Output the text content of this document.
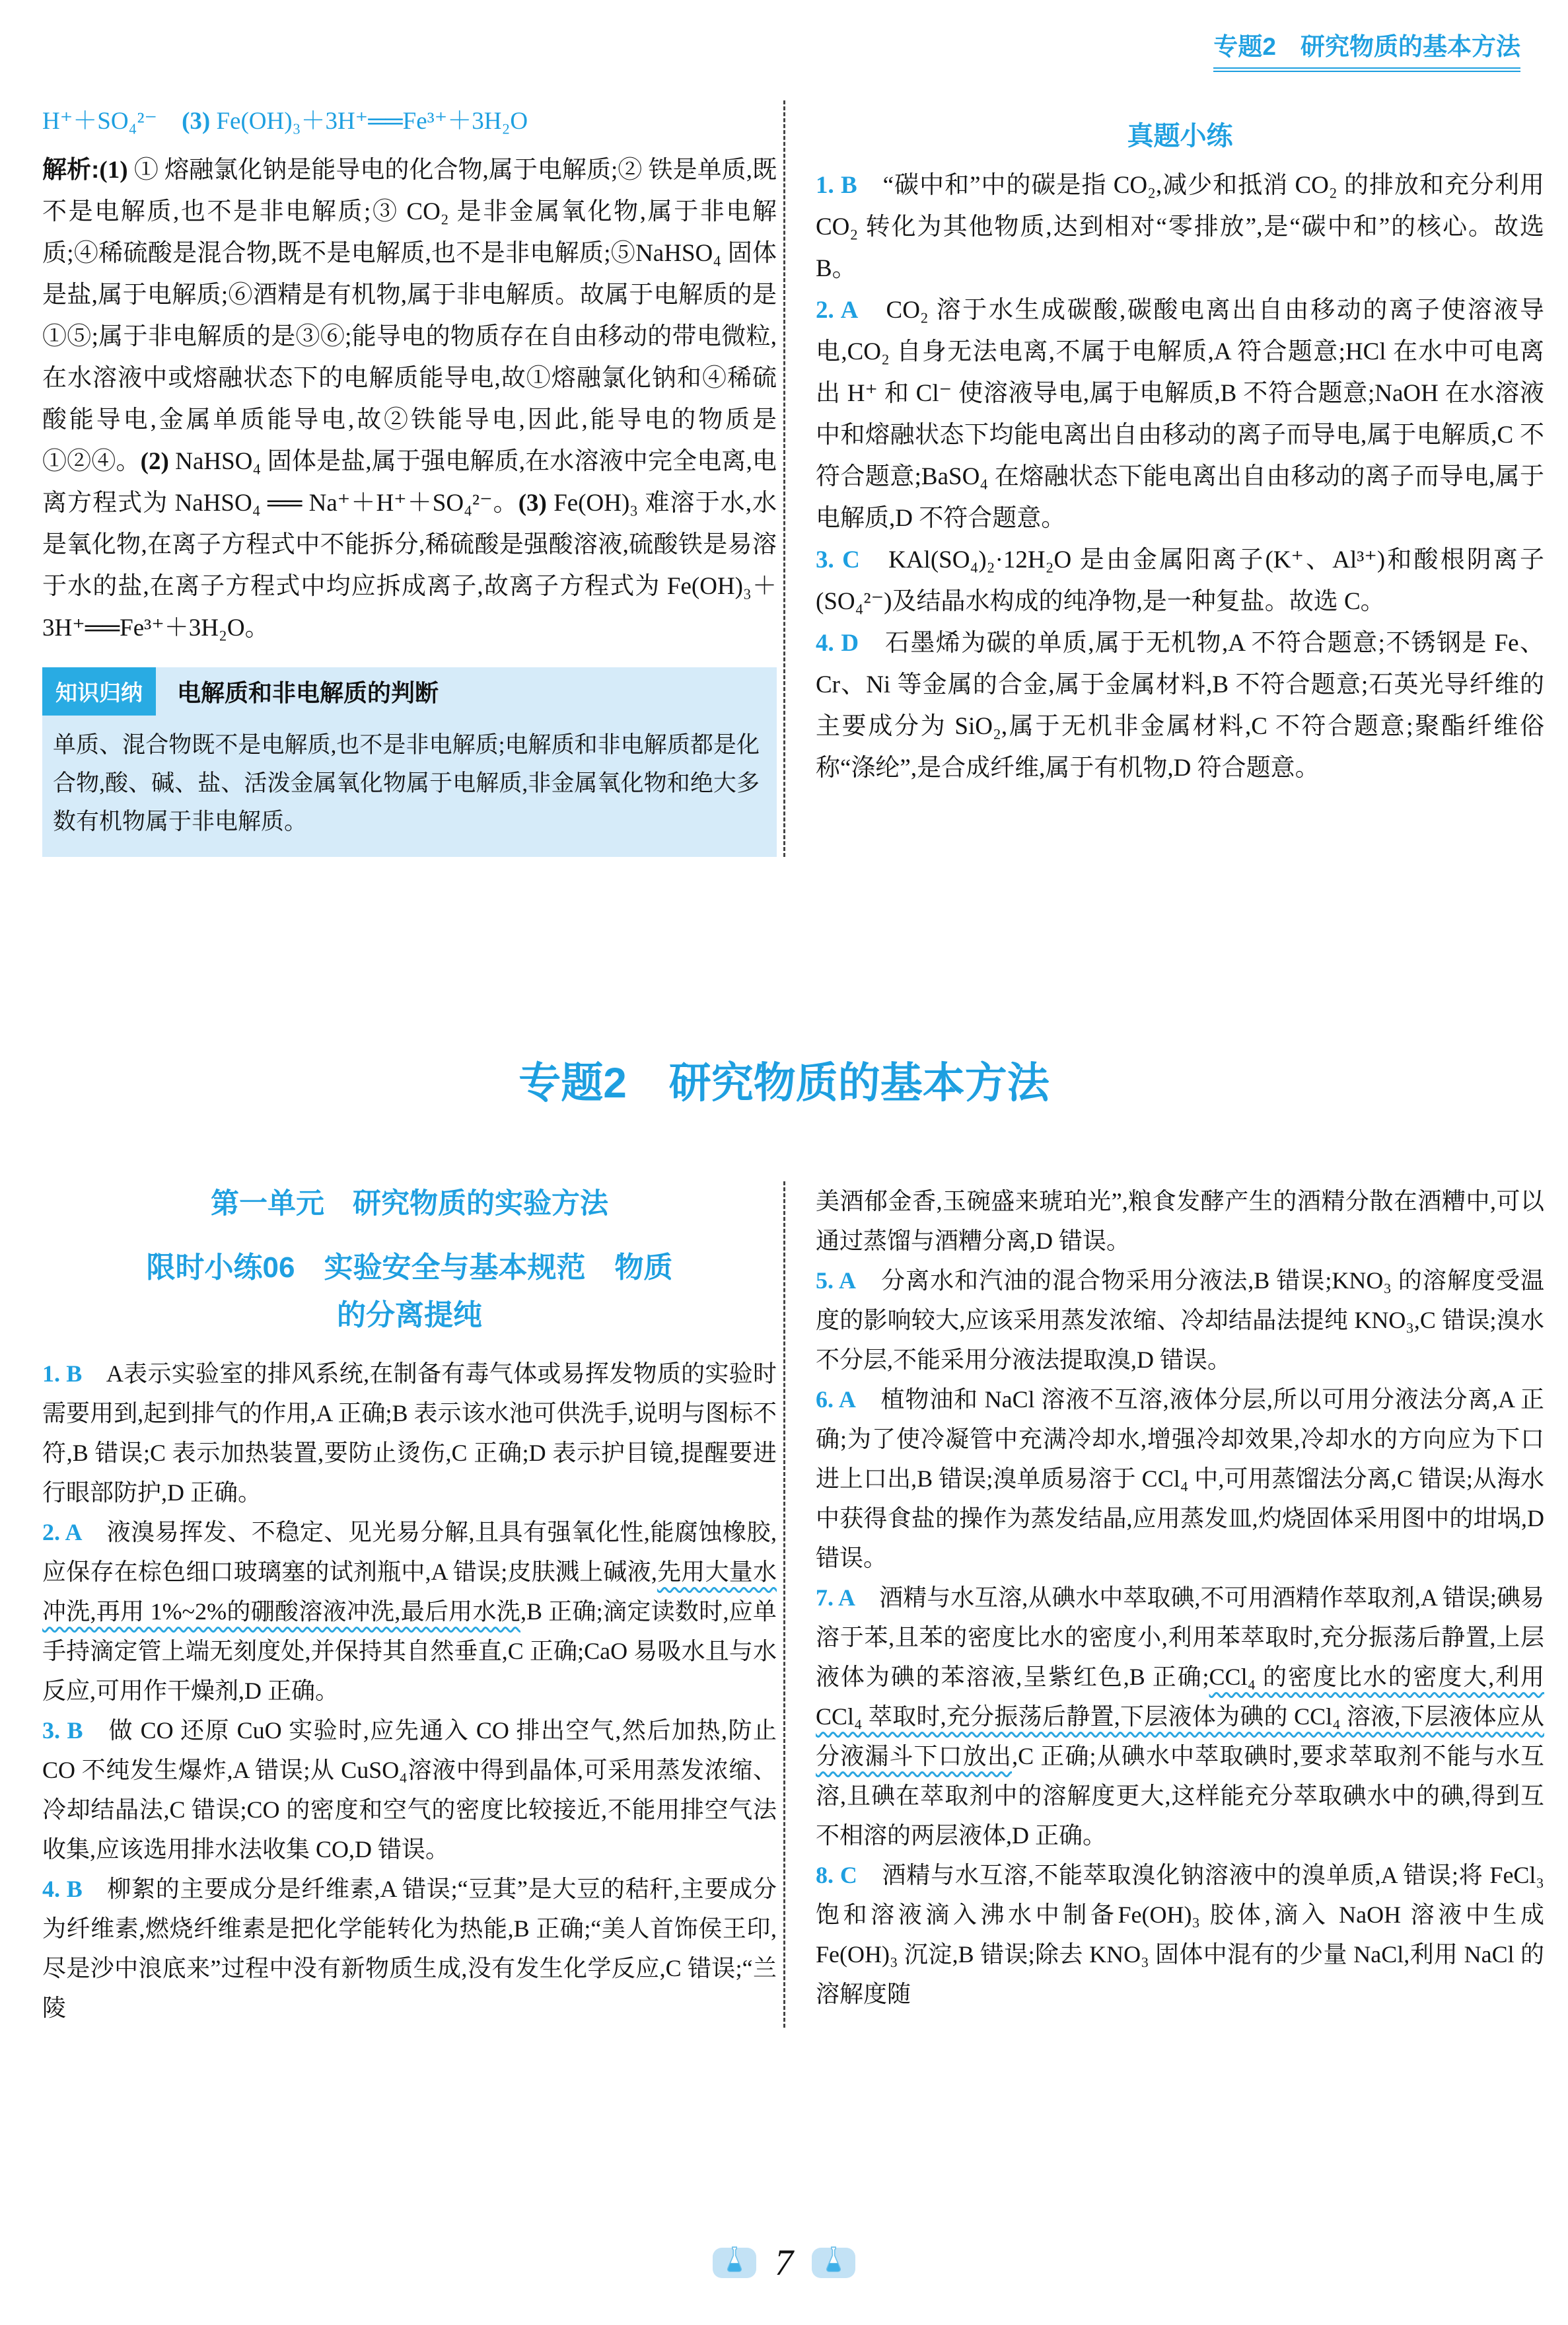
专题2　研究物质的基本方法

H⁺＋SO₄²⁻　(3) Fe(OH)₃＋3H⁺══Fe³⁺＋3H₂O

解析:(1) ① 熔融氯化钠是能导电的化合物,属于电解质;② 铁是单质,既不是电解质,也不是非电解质;③ CO₂ 是非金属氧化物,属于非电解质;④稀硫酸是混合物,既不是电解质,也不是非电解质;⑤NaHSO₄ 固体是盐,属于电解质;⑥酒精是有机物,属于非电解质。故属于电解质的是①⑤;属于非电解质的是③⑥;能导电的物质存在自由移动的带电微粒,在水溶液中或熔融状态下的电解质能导电,故①熔融氯化钠和④稀硫酸能导电,金属单质能导电,故②铁能导电,因此,能导电的物质是①②④。(2) NaHSO₄ 固体是盐,属于强电解质,在水溶液中完全电离,电离方程式为 NaHSO₄ ══ Na⁺＋H⁺＋SO₄²⁻。(3) Fe(OH)₃ 难溶于水,水是氧化物,在离子方程式中不能拆分,稀硫酸是强酸溶液,硫酸铁是易溶于水的盐,在离子方程式中均应拆成离子,故离子方程式为 Fe(OH)₃＋3H⁺══Fe³⁺＋3H₂O。

知识归纳	电解质和非电解质的判断
单质、混合物既不是电解质,也不是非电解质;电解质和非电解质都是化合物,酸、碱、盐、活泼金属氧化物属于电解质,非金属氧化物和绝大多数有机物属于非电解质。
真题小练

1. B　“碳中和”中的碳是指 CO₂,减少和抵消 CO₂ 的排放和充分利用 CO₂ 转化为其他物质,达到相对“零排放”,是“碳中和”的核心。故选 B。

2. A　CO₂ 溶于水生成碳酸,碳酸电离出自由移动的离子使溶液导电,CO₂ 自身无法电离,不属于电解质,A 符合题意;HCl 在水中可电离出 H⁺ 和 Cl⁻ 使溶液导电,属于电解质,B 不符合题意;NaOH 在水溶液中和熔融状态下均能电离出自由移动的离子而导电,属于电解质,C 不符合题意;BaSO₄ 在熔融状态下能电离出自由移动的离子而导电,属于电解质,D 不符合题意。

3. C　KAl(SO₄)₂·12H₂O 是由金属阳离子(K⁺、Al³⁺)和酸根阴离子(SO₄²⁻)及结晶水构成的纯净物,是一种复盐。故选 C。

4. D　石墨烯为碳的单质,属于无机物,A 不符合题意;不锈钢是 Fe、Cr、Ni 等金属的合金,属于金属材料,B 不符合题意;石英光导纤维的主要成分为 SiO₂,属于无机非金属材料,C 不符合题意;聚酯纤维俗称“涤纶”,是合成纤维,属于有机物,D 符合题意。

专题2　研究物质的基本方法
第一单元　研究物质的实验方法
限时小练06　实验安全与基本规范　物质
的分离提纯

1. B　A表示实验室的排风系统,在制备有毒气体或易挥发物质的实验时需要用到,起到排气的作用,A 正确;B 表示该水池可供洗手,说明与图标不符,B 错误;C 表示加热装置,要防止烫伤,C 正确;D 表示护目镜,提醒要进行眼部防护,D 正确。

2. A　液溴易挥发、不稳定、见光易分解,且具有强氧化性,能腐蚀橡胶,应保存在棕色细口玻璃塞的试剂瓶中,A 错误;皮肤溅上碱液,先用大量水冲洗,再用 1%~2%的硼酸溶液冲洗,最后用水洗,B 正确;滴定读数时,应单手持滴定管上端无刻度处,并保持其自然垂直,C 正确;CaO 易吸水且与水反应,可用作干燥剂,D 正确。

3. B　做 CO 还原 CuO 实验时,应先通入 CO 排出空气,然后加热,防止 CO 不纯发生爆炸,A 错误;从 CuSO₄溶液中得到晶体,可采用蒸发浓缩、冷却结晶法,C 错误;CO 的密度和空气的密度比较接近,不能用排空气法收集,应该选用排水法收集 CO,D 错误。

4. B　柳絮的主要成分是纤维素,A 错误;“豆萁”是大豆的秸秆,主要成分为纤维素,燃烧纤维素是把化学能转化为热能,B 正确;“美人首饰侯王印,尽是沙中浪底来”过程中没有新物质生成,没有发生化学反应,C 错误;“兰陵

美酒郁金香,玉碗盛来琥珀光”,粮食发酵产生的酒精分散在酒糟中,可以通过蒸馏与酒糟分离,D 错误。

5. A　分离水和汽油的混合物采用分液法,B 错误;KNO₃ 的溶解度受温度的影响较大,应该采用蒸发浓缩、冷却结晶法提纯 KNO₃,C 错误;溴水不分层,不能采用分液法提取溴,D 错误。

6. A　植物油和 NaCl 溶液不互溶,液体分层,所以可用分液法分离,A 正确;为了使冷凝管中充满冷却水,增强冷却效果,冷却水的方向应为下口进上口出,B 错误;溴单质易溶于 CCl₄ 中,可用蒸馏法分离,C 错误;从海水中获得食盐的操作为蒸发结晶,应用蒸发皿,灼烧固体采用图中的坩埚,D 错误。

7. A　酒精与水互溶,从碘水中萃取碘,不可用酒精作萃取剂,A 错误;碘易溶于苯,且苯的密度比水的密度小,利用苯萃取时,充分振荡后静置,上层液体为碘的苯溶液,呈紫红色,B 正确;CCl₄ 的密度比水的密度大,利用 CCl₄ 萃取时,充分振荡后静置,下层液体为碘的 CCl₄ 溶液,下层液体应从分液漏斗下口放出,C 正确;从碘水中萃取碘时,要求萃取剂不能与水互溶,且碘在萃取剂中的溶解度更大,这样能充分萃取碘水中的碘,得到互不相溶的两层液体,D 正确。

8. C　酒精与水互溶,不能萃取溴化钠溶液中的溴单质,A 错误;将 FeCl₃ 饱和溶液滴入沸水中制备Fe(OH)₃ 胶体,滴入 NaOH 溶液中生成 Fe(OH)₃ 沉淀,B 错误;除去 KNO₃ 固体中混有的少量 NaCl,利用 NaCl 的溶解度随

7
